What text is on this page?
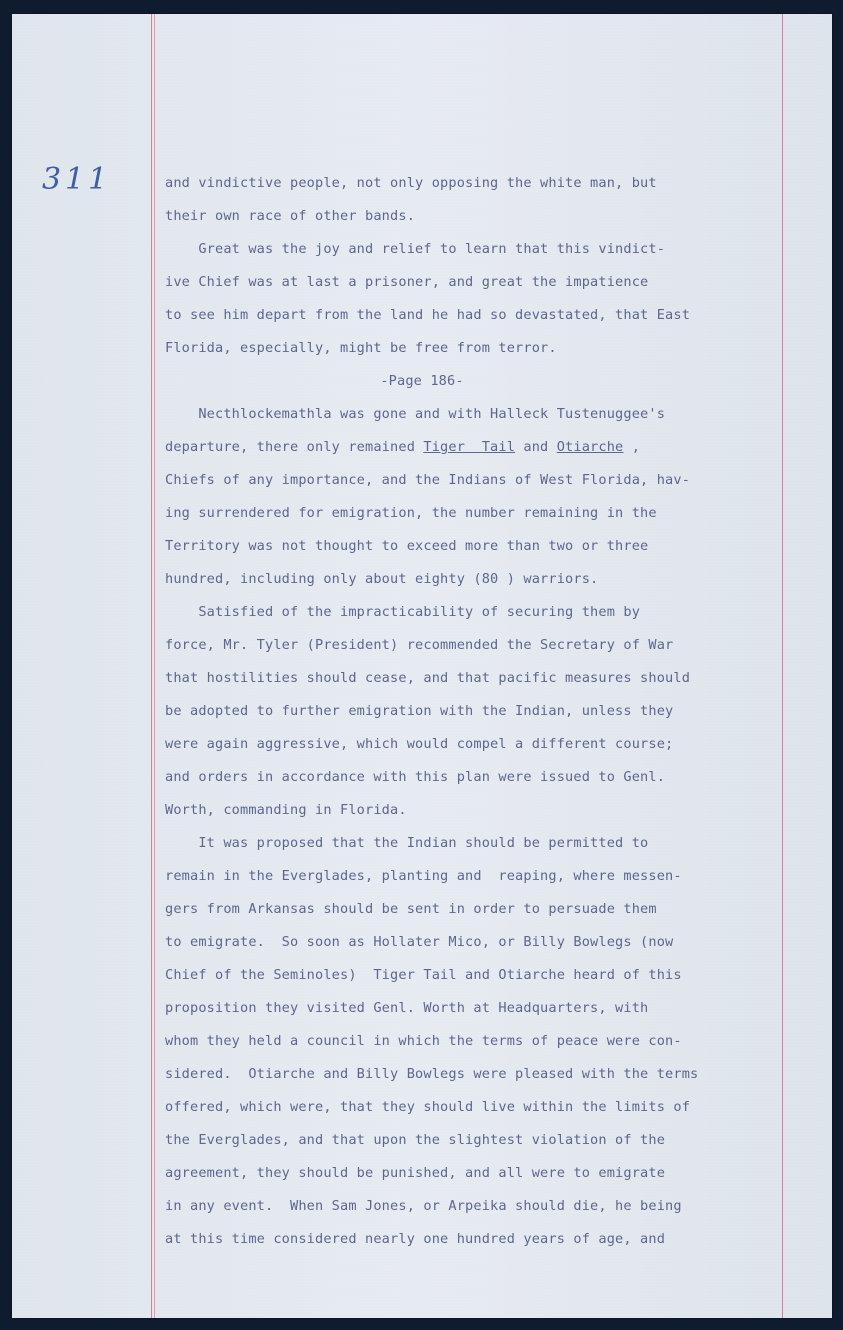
311	and vindictive people, not only opposing the white man, but
their own race of other bands.
Great was the joy and relief to learn that this vindict-
ive Chief was at last a prisoner, and great the impatience
to see him depart from the land he had so devastated, that East
Florida, especially, might be free from terror.
-Page 186-
Necthlockemathla was gone and with Halleck Tustenuggee's
departure, there only remained Tiger  Tail and Otiarche ,
Chiefs of any importance, and the Indians of West Florida, hav-
ing surrendered for emigration, the number remaining in the
Territory was not thought to exceed more than two or three
hundred, including only about eighty (80 ) warriors.
Satisfied of the impracticability of securing them by
force, Mr. Tyler (President) recommended the Secretary of War
that hostilities should cease, and that pacific measures should
be adopted to further emigration with the Indian, unless they
were again aggressive, which would compel a different course;
and orders in accordance with this plan were issued to Genl.
Worth, commanding in Florida.
It was proposed that the Indian should be permitted to
remain in the Everglades, planting and  reaping, where messen-
gers from Arkansas should be sent in order to persuade them
to emigrate.  So soon as Hollater Mico, or Billy Bowlegs (now
Chief of the Seminoles)  Tiger Tail and Otiarche heard of this
proposition they visited Genl. Worth at Headquarters, with
whom they held a council in which the terms of peace were con-
sidered.  Otiarche and Billy Bowlegs were pleased with the terms
offered, which were, that they should live within the limits of
the Everglades, and that upon the slightest violation of the
agreement, they should be punished, and all were to emigrate
in any event.  When Sam Jones, or Arpeika should die, he being
at this time considered nearly one hundred years of age, and
